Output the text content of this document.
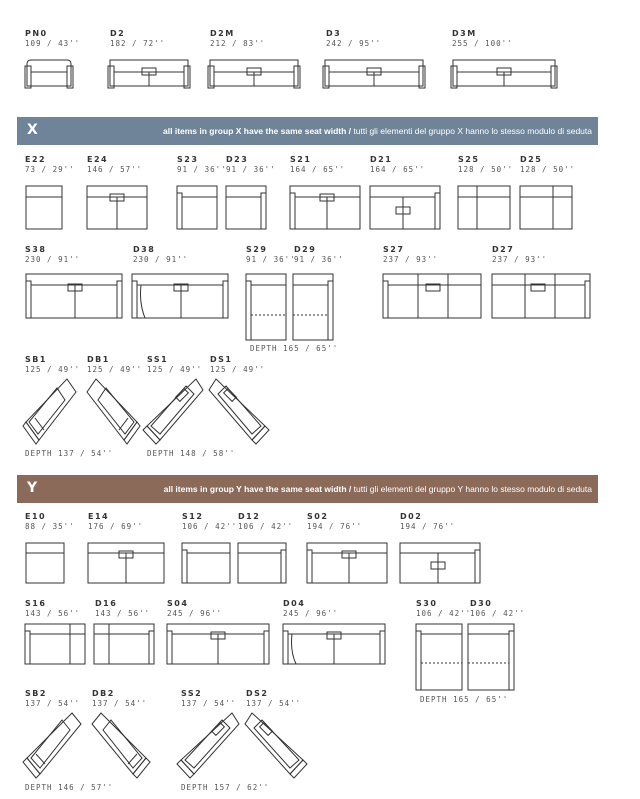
PN0
109 / 43''
D2
182 / 72''
D2M
212 / 83''
D3
242 / 95''
D3M
255 / 100''
X	all items in group X have the same seat width / tutti gli elementi del gruppo X hanno lo stesso modulo di seduta
E22
73 / 29''
E24
146 / 57''
S23
91 / 36''
D23
91 / 36''
S21
164 / 65''
D21
164 / 65''
S25
128 / 50''
D25
128 / 50''
S38
230 / 91''
D38
230 / 91''
S29
91 / 36''
D29
91 / 36''
S27
237 / 93''
D27
237 / 93''
DEPTH 165 / 65''
SB1
125 / 49''
DB1
125 / 49''
SS1
125 / 49''
DS1
125 / 49''
DEPTH 137 / 54''	DEPTH 148 / 58''
Y	all items in group Y have the same seat width / tutti gli elementi del gruppo Y hanno lo stesso modulo di seduta
E10
88 / 35''
E14
176 / 69''
S12
106 / 42''
D12
106 / 42''
S02
194 / 76''
D02
194 / 76''
S16
143 / 56''
D16
143 / 56''
S04
245 / 96''
D04
245 / 96''
S30
106 / 42''
D30
106 / 42''
DEPTH 165 / 65''
SB2
137 / 54''
DB2
137 / 54''
SS2
137 / 54''
DS2
137 / 54''
DEPTH 146 / 57''	DEPTH 157 / 62''
